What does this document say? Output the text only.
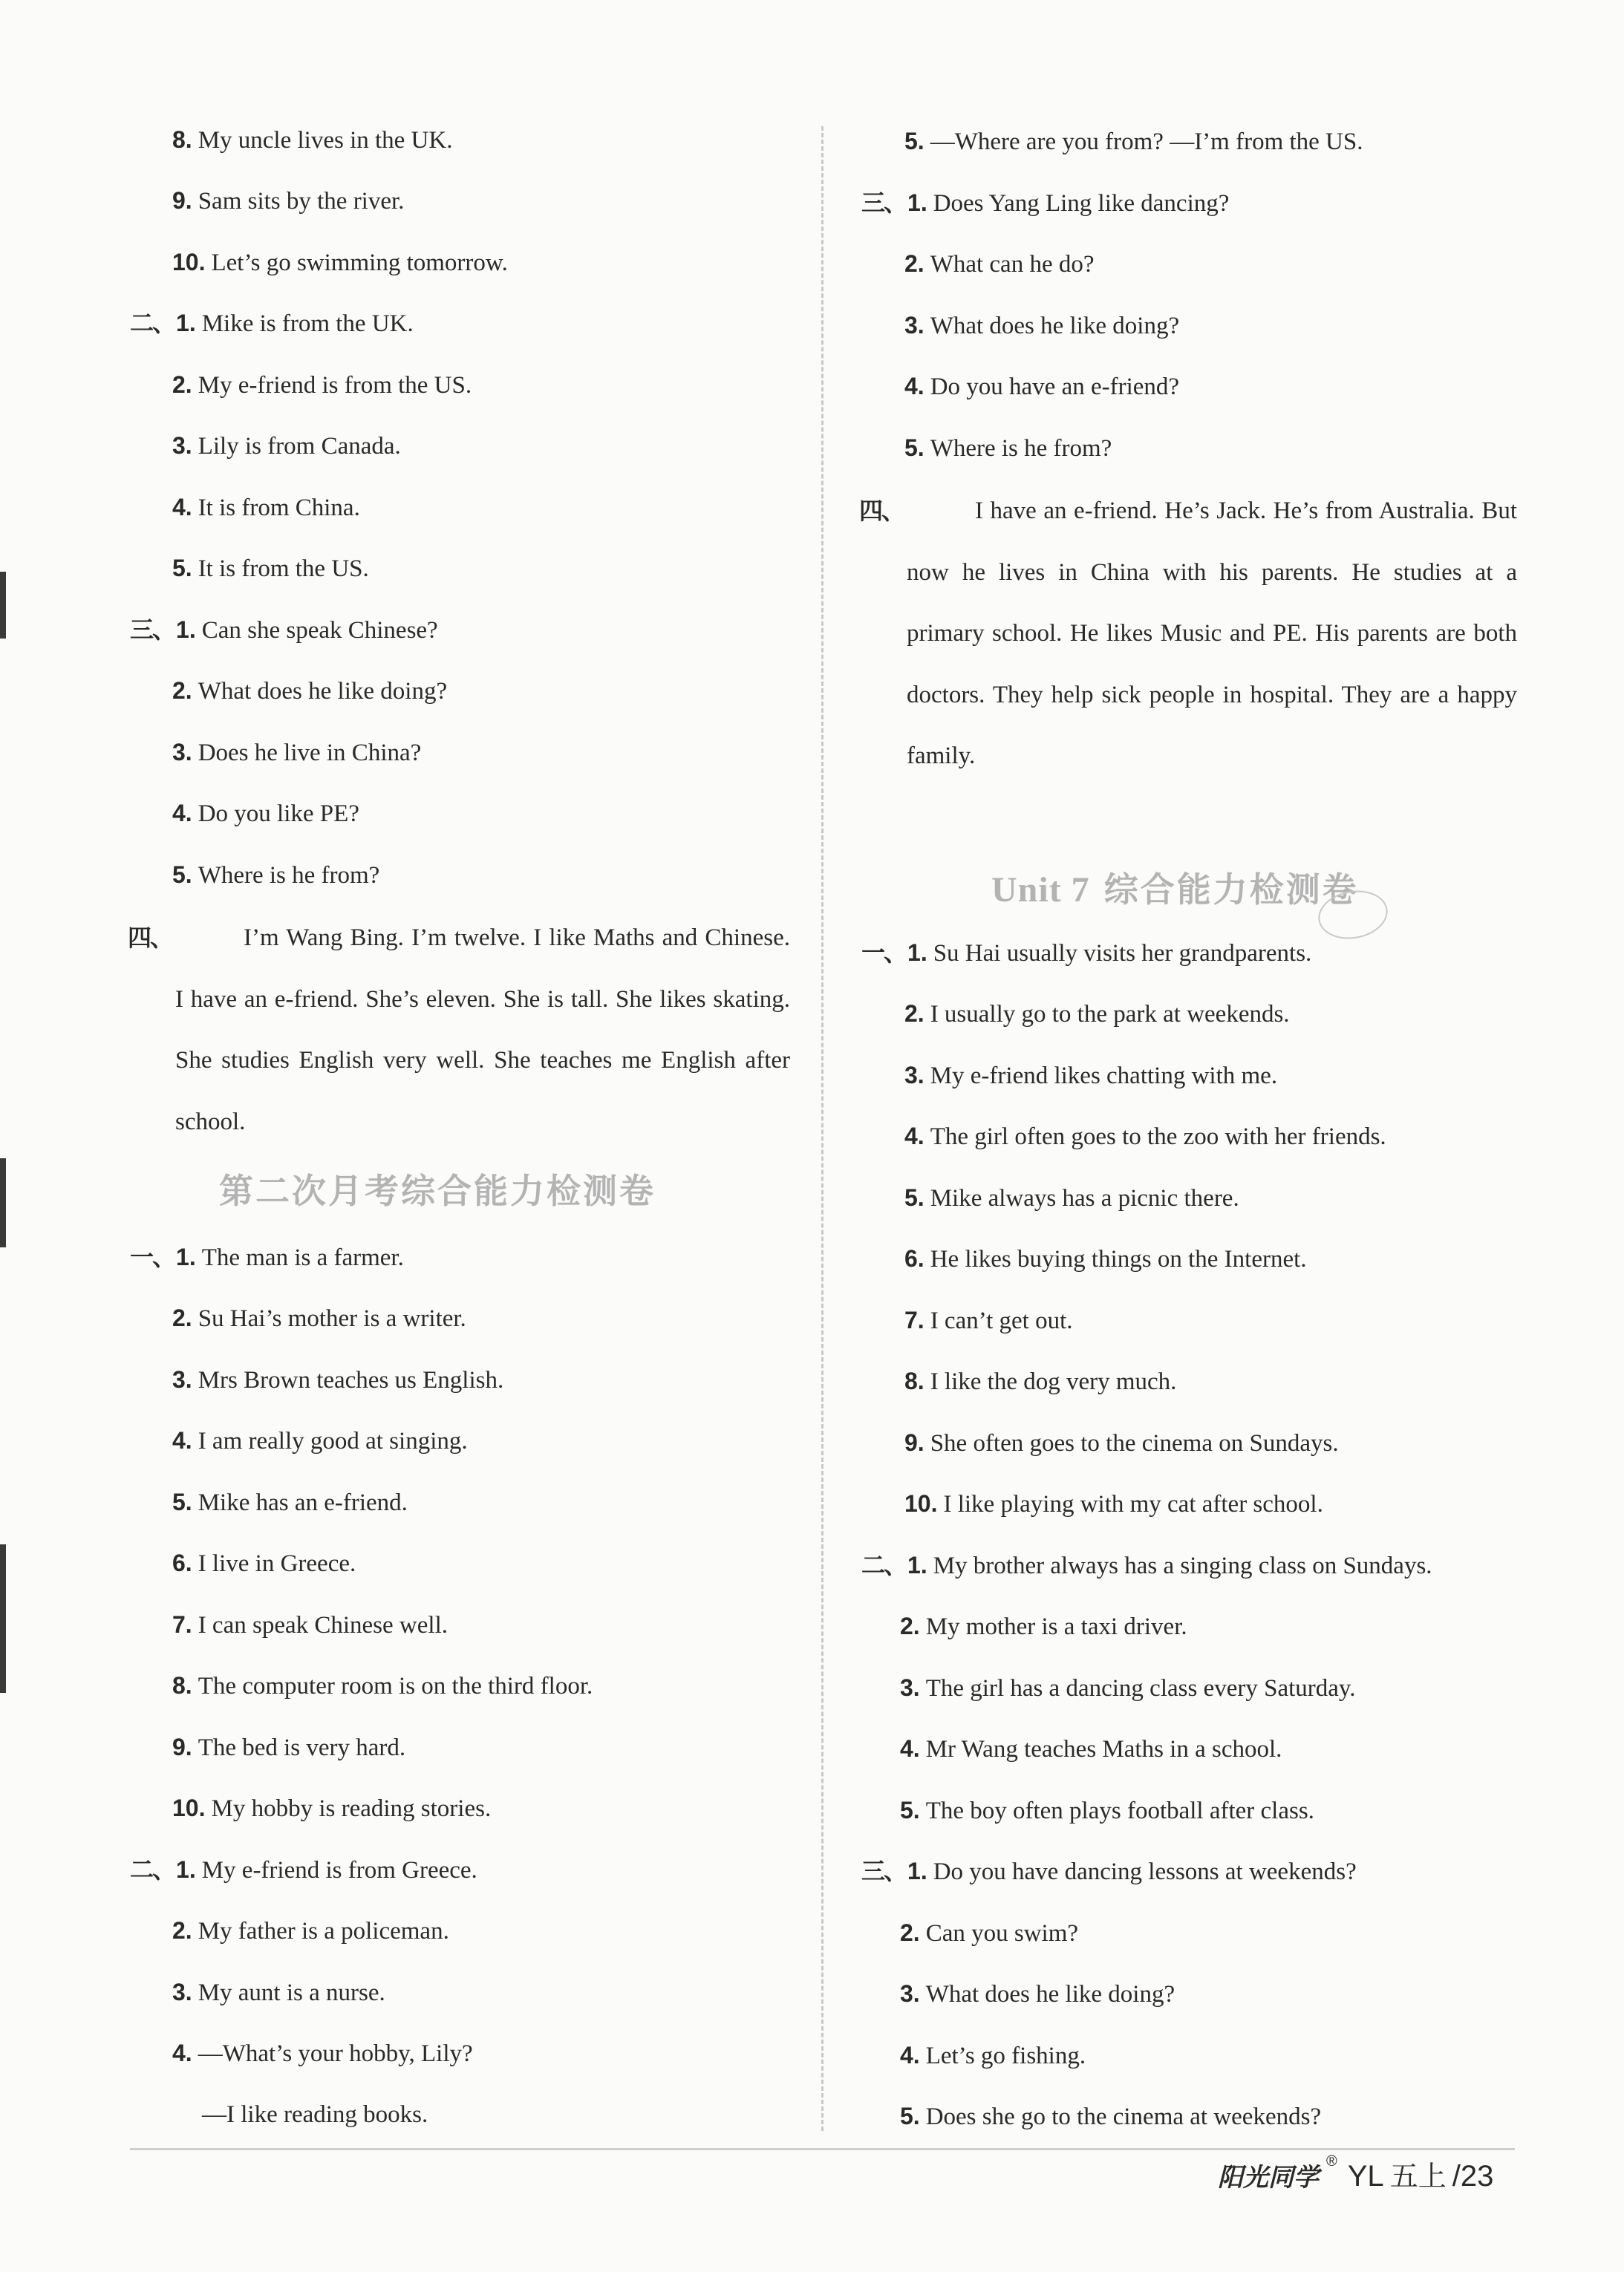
8. My uncle lives in the UK.
9. Sam sits by the river.
10. Let’s go swimming tomorrow.
二、1. Mike is from the UK.
2. My e-friend is from the US.
3. Lily is from Canada.
4. It is from China.
5. It is from the US.
三、1. Can she speak Chinese?
2. What does he like doing?
3. Does he live in China?
4. Do you like PE?
5. Where is he from?
四、	I’m Wang Bing. I’m twelve. I like Maths and Chinese. I have an e-friend. She’s eleven. She is tall. She likes skating. She studies English very well. She teaches me English after school.
第二次月考综合能力检测卷
一、1. The man is a farmer.
2. Su Hai’s mother is a writer.
3. Mrs Brown teaches us English.
4. I am really good at singing.
5. Mike has an e-friend.
6. I live in Greece.
7. I can speak Chinese well.
8. The computer room is on the third floor.
9. The bed is very hard.
10. My hobby is reading stories.
二、1. My e-friend is from Greece.
2. My father is a policeman.
3. My aunt is a nurse.
4. —What’s your hobby, Lily?
—I like reading books.
5. —Where are you from? —I’m from the US.
三、1. Does Yang Ling like dancing?
2. What can he do?
3. What does he like doing?
4. Do you have an e-friend?
5. Where is he from?
四、	I have an e-friend. He’s Jack. He’s from Australia. But now he lives in China with his parents. He studies at a primary school. He likes Music and PE. His parents are both doctors. They help sick people in hospital. They are a happy family.
Unit 7 综合能力检测卷
一、1. Su Hai usually visits her grandparents.
2. I usually go to the park at weekends.
3. My e-friend likes chatting with me.
4. The girl often goes to the zoo with her friends.
5. Mike always has a picnic there.
6. He likes buying things on the Internet.
7. I can’t get out.
8. I like the dog very much.
9. She often goes to the cinema on Sundays.
10. I like playing with my cat after school.
二、1. My brother always has a singing class on Sundays.
2. My mother is a taxi driver.
3. The girl has a dancing class every Saturday.
4. Mr Wang teaches Maths in a school.
5. The boy often plays football after class.
三、1. Do you have dancing lessons at weekends?
2. Can you swim?
3. What does he like doing?
4. Let’s go fishing.
5. Does she go to the cinema at weekends?
阳光同学® YL 五上 /23
